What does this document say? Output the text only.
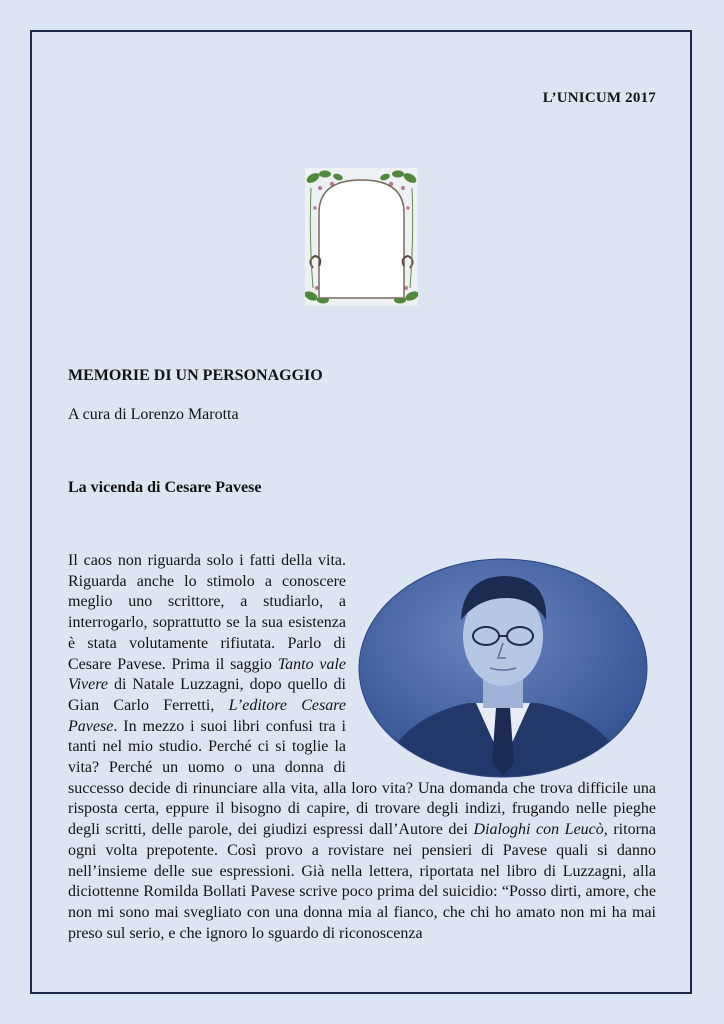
L’UNICUM 2017
MEMORIE DI UN PERSONAGGIO
A cura di Lorenzo Marotta
La vicenda di Cesare Pavese
Il caos non riguarda solo i fatti della vita. Riguarda anche lo stimolo a conoscere meglio uno scrittore, a studiarlo, a interrogarlo, soprattutto se la sua esistenza è stata volutamente rifiutata. Parlo di Cesare Pavese. Prima il saggio Tanto vale Vivere di Natale Luzzagni, dopo quello di Gian Carlo Ferretti, L’editore Cesare Pavese. In mezzo i suoi libri confusi tra i tanti nel mio studio. Perché ci si toglie la vita? Perché un uomo o una donna di successo decide di rinunciare alla vita, alla loro vita? Una domanda che trova difficile una risposta certa, eppure il bisogno di capire, di trovare degli indizi, frugando nelle pieghe degli scritti, delle parole, dei giudizi espressi dall’Autore dei Dialoghi con Leucò, ritorna ogni volta prepotente. Così provo a rovistare nei pensieri di Pavese quali si danno nell’insieme delle sue espressioni. Già nella lettera, riportata nel libro di Luzzagni, alla diciottenne Romilda Bollati Pavese scrive poco prima del suicidio: “Posso dirti, amore, che non mi sono mai svegliato con una donna mia al fianco, che chi ho amato non mi ha mai preso sul serio, e che ignoro lo sguardo di riconoscenza
